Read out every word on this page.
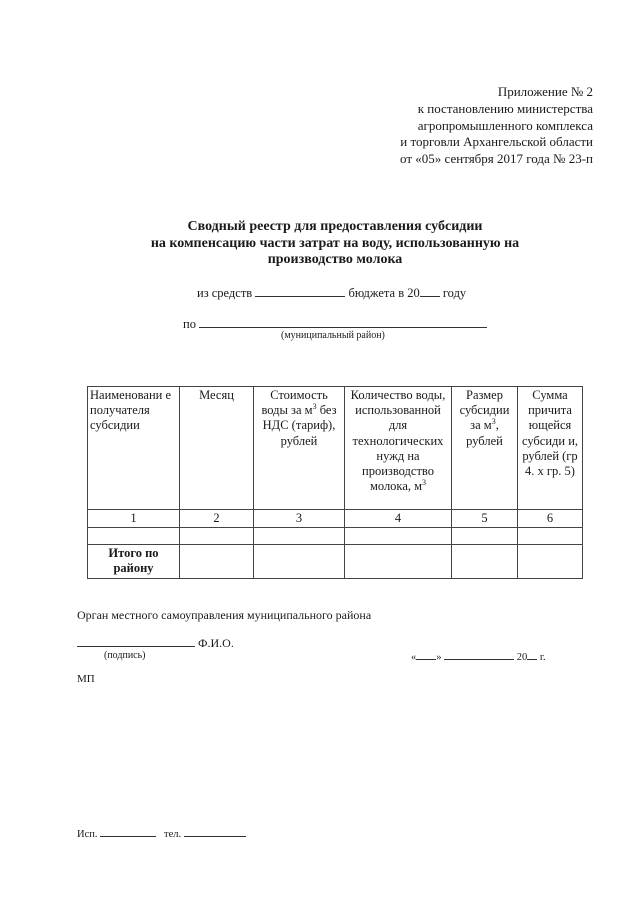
Приложение № 2
к постановлению министерства
агропромышленного комплекса
и торговли Архангельской области
от «05» сентября 2017 года № 23-п
Сводный реестр для предоставления субсидии
на компенсацию части затрат на воду, использованную на
производство молока
из средств	бюджета в 20 году
по
(муниципальный район)
Наименовани е получателя субсидии	Месяц	Стоимость воды за $м^3$ без НДС (тариф), рублей	Количество воды, использованной для технологических нужд на производство молока, $м^3$	Размер субсидии за $м^3$, рублей	Сумма причита ющейся субсиди и, рублей (гр 4. х гр. 5)
1	2	3	4	5	6

Итого по району					
Орган местного самоуправления муниципального района
Ф.И.О.
(подпись)	« »	20 г.
МП
Исп.	тел.
